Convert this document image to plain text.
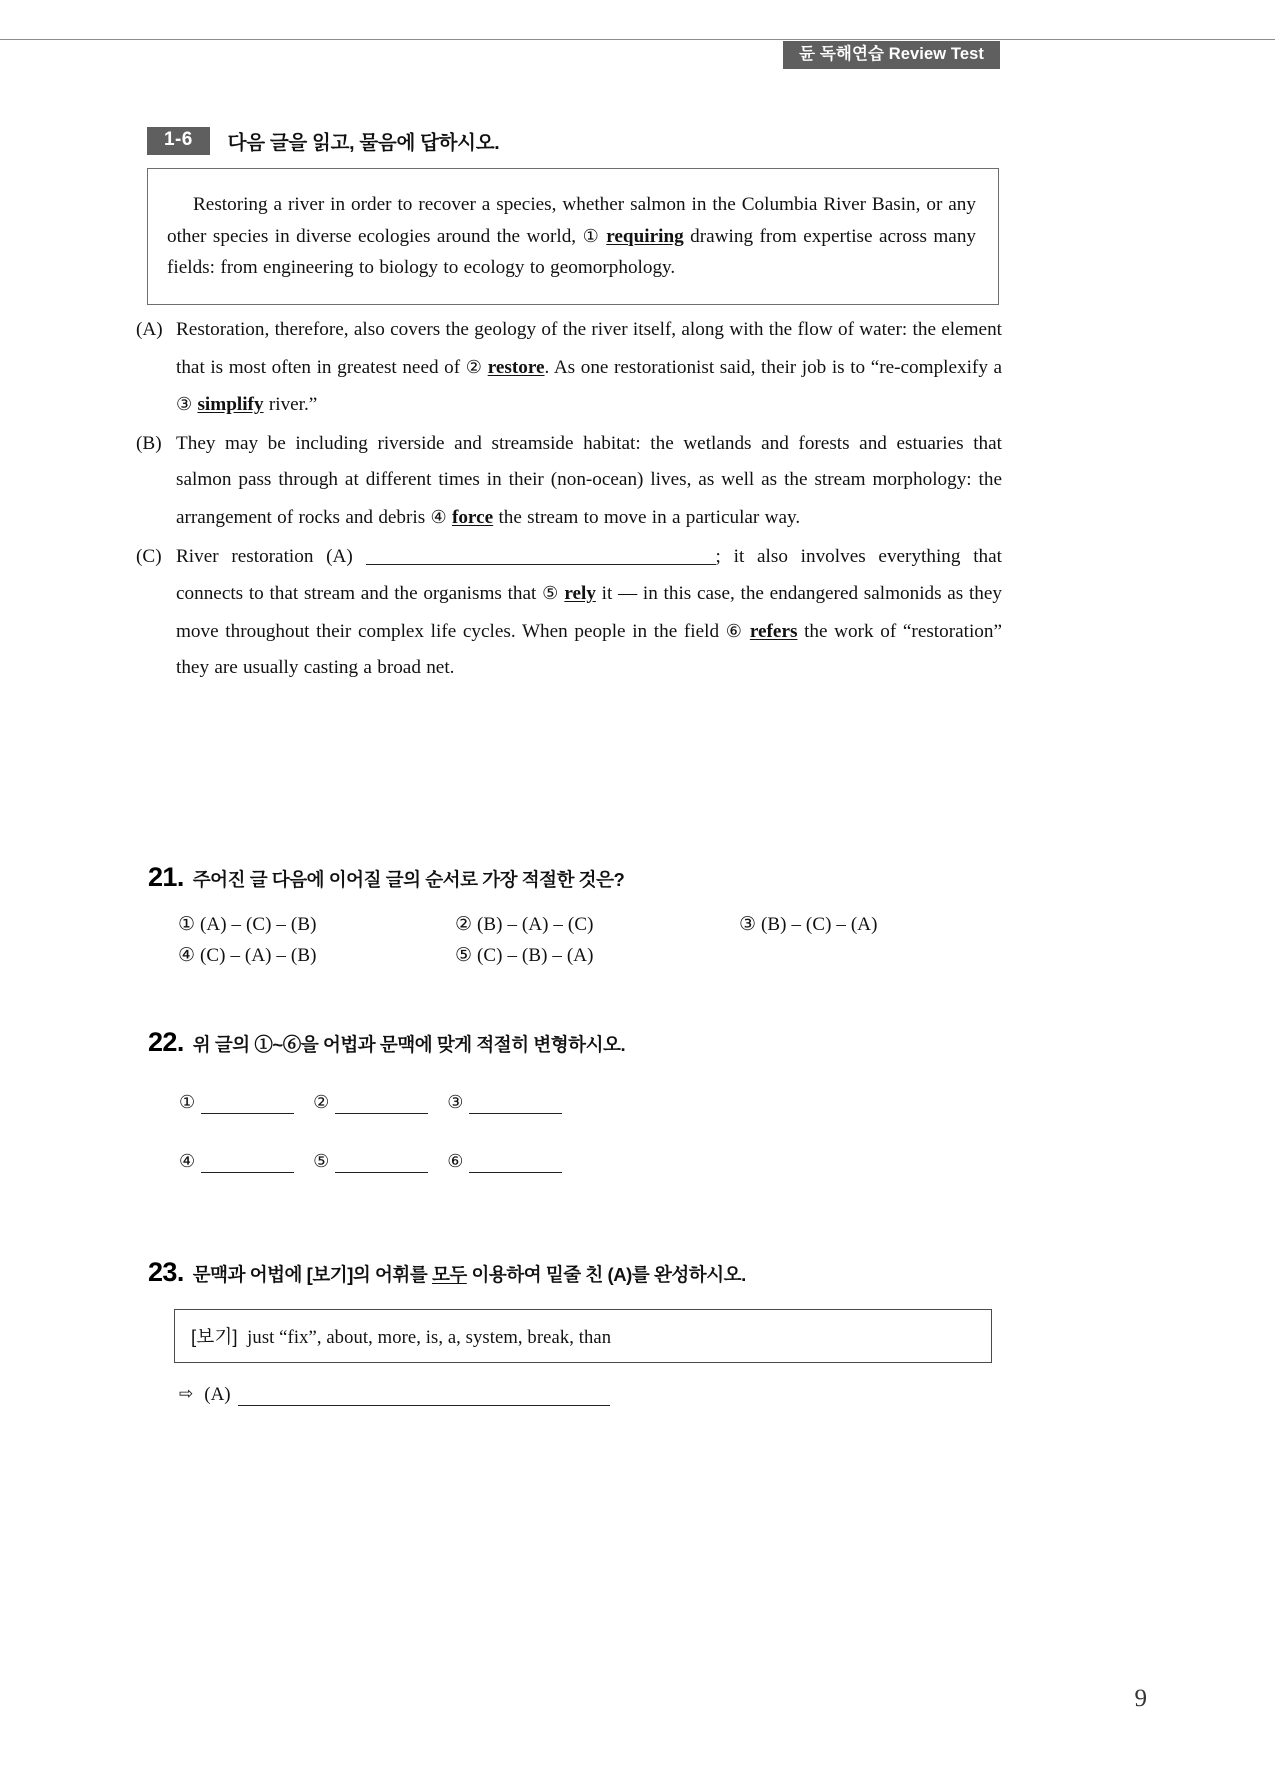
듄 독해연습 Review Test
1-6	다음 글을 읽고, 물음에 답하시오.

Restoring a river in order to recover a species, whether salmon in the Columbia River Basin, or any other species in diverse ecologies around the world, ① requiring drawing from expertise across many fields: from engineering to biology to ecology to geomorphology.

(A) Restoration, therefore, also covers the geology of the river itself, along with the flow of water: the element that is most often in greatest need of ② restore. As one restorationist said, their job is to “re-complexify a ③ simplify river.”
(B) They may be including riverside and streamside habitat: the wetlands and forests and estuaries that salmon pass through at different times in their (non-ocean) lives, as well as the stream morphology: the arrangement of rocks and debris ④ force the stream to move in a particular way.
(C) River restoration (A)	; it also involves everything that connects to that stream and the organisms that ⑤ rely it ― in this case, the endangered salmonids as they move throughout their complex life cycles. When people in the field ⑥ refers the work of “restoration” they are usually casting a broad net.
21. 주어진 글 다음에 이어질 글의 순서로 가장 적절한 것은?
① (A) – (C) – (B)	② (B) – (A) – (C)	③ (B) – (C) – (A)
④ (C) – (A) – (B)	⑤ (C) – (B) – (A)
22. 위 글의 ①~⑥을 어법과 문맥에 맞게 적절히 변형하시오.
①	②	③
④	⑤	⑥
23. 문맥과 어법에 [보기]의 어휘를 모두 이용하여 밑줄 친 (A)를 완성하시오.
[보기] just “fix”, about, more, is, a, system, break, than
⇨ (A)
9
